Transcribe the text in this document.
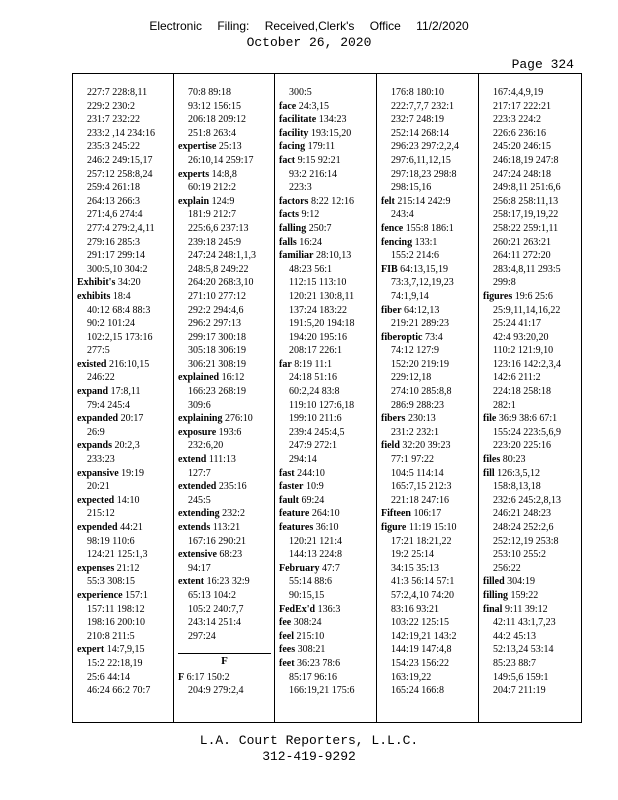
Electronic Filing: Received,Clerk's Office 11/2/2020
October 26, 2020
Page 324
227:7 228:8,11
229:2 230:2
231:7 232:22
233:2 ,14 234:16
235:3 245:22
246:2 249:15,17
257:12 258:8,24
259:4 261:18
264:13 266:3
271:4,6 274:4
277:4 279:2,4,11
279:16 285:3
291:17 299:14
300:5,10 304:2
Exhibit's 34:20
exhibits 18:4
40:12 68:4 88:3
90:2 101:24
102:2,15 173:16
277:5
existed 216:10,15
246:22
expand 17:8,11
79:4 245:4
expanded 20:17
26:9
expands 20:2,3
233:23
expansive 19:19
20:21
expected 14:10
215:12
expended 44:21
98:19 110:6
124:21 125:1,3
expenses 21:12
55:3 308:15
experience 157:1
157:11 198:12
198:16 200:10
210:8 211:5
expert 14:7,9,15
15:2 22:18,19
25:6 44:14
46:24 66:2 70:7
70:8 89:18
93:12 156:15
206:18 209:12
251:8 263:4
expertise 25:13
26:10,14 259:17
experts 14:8,8
60:19 212:2
explain 124:9
181:9 212:7
225:6,6 237:13
239:18 245:9
247:24 248:1,1,3
248:5,8 249:22
264:20 268:3,10
271:10 277:12
292:2 294:4,6
296:2 297:13
299:17 300:18
305:18 306:19
306:21 308:19
explained 16:12
166:23 268:19
309:6
explaining 276:10
exposure 193:6
232:6,20
extend 111:13
127:7
extended 235:16
245:5
extending 232:2
extends 113:21
167:16 290:21
extensive 68:23
94:17
extent 16:23 32:9
65:13 104:2
105:2 240:7,7
243:14 251:4
297:24
F 6:17 150:2
204:9 279:2,4
F
300:5
face 24:3,15
facilitate 134:23
facility 193:15,20
facing 179:11
fact 9:15 92:21
93:2 216:14
223:3
factors 8:22 12:16
facts 9:12
falling 250:7
falls 16:24
familiar 28:10,13
48:23 56:1
112:15 113:10
120:21 130:8,11
137:24 183:22
191:5,20 194:18
194:20 195:16
208:17 226:1
far 8:19 11:1
24:18 51:16
60:2,24 83:8
119:10 127:6,18
199:10 211:6
239:4 245:4,5
247:9 272:1
294:14
fast 244:10
faster 10:9
fault 69:24
feature 264:10
features 36:10
120:21 121:4
144:13 224:8
February 47:7
55:14 88:6
90:15,15
FedEx'd 136:3
fee 308:24
feel 215:10
fees 308:21
feet 36:23 78:6
85:17 96:16
166:19,21 175:6
176:8 180:10
222:7,7,7 232:1
232:7 248:19
252:14 268:14
296:23 297:2,2,4
297:6,11,12,15
297:18,23 298:8
298:15,16
felt 215:14 242:9
243:4
fence 155:8 186:1
fencing 133:1
155:2 214:6
FIB 64:13,15,19
73:3,7,12,19,23
74:1,9,14
fiber 64:12,13
219:21 289:23
fiberoptic 73:4
74:12 127:9
152:20 219:19
229:12,18
274:10 285:8,8
286:9 288:23
fibers 230:13
231:2 232:1
field 32:20 39:23
77:1 97:22
104:5 114:14
165:7,15 212:3
221:18 247:16
Fifteen 106:17
figure 11:19 15:10
17:21 18:21,22
19:2 25:14
34:15 35:13
41:3 56:14 57:1
57:2,4,10 74:20
83:16 93:21
103:22 125:15
142:19,21 143:2
144:19 147:4,8
154:23 156:22
163:19,22
165:24 166:8
167:4,4,9,19
217:17 222:21
223:3 224:2
226:6 236:16
245:20 246:15
246:18,19 247:8
247:24 248:18
249:8,11 251:6,6
256:8 258:11,13
258:17,19,19,22
258:22 259:1,11
260:21 263:21
264:11 272:20
283:4,8,11 293:5
299:8
figures 19:6 25:6
25:9,11,14,16,22
25:24 41:17
42:4 93:20,20
110:2 121:9,10
123:16 142:2,3,4
142:6 211:2
224:18 258:18
282:1
file 36:9 38:6 67:1
155:24 223:5,6,9
223:20 225:16
files 80:23
fill 126:3,5,12
158:8,13,18
232:6 245:2,8,13
246:21 248:23
248:24 252:2,6
252:12,19 253:8
253:10 255:2
256:22
filled 304:19
filling 159:22
final 9:11 39:12
42:11 43:1,7,23
44:2 45:13
52:13,24 53:14
85:23 88:7
149:5,6 159:1
204:7 211:19
L.A. Court Reporters, L.L.C.
312-419-9292
